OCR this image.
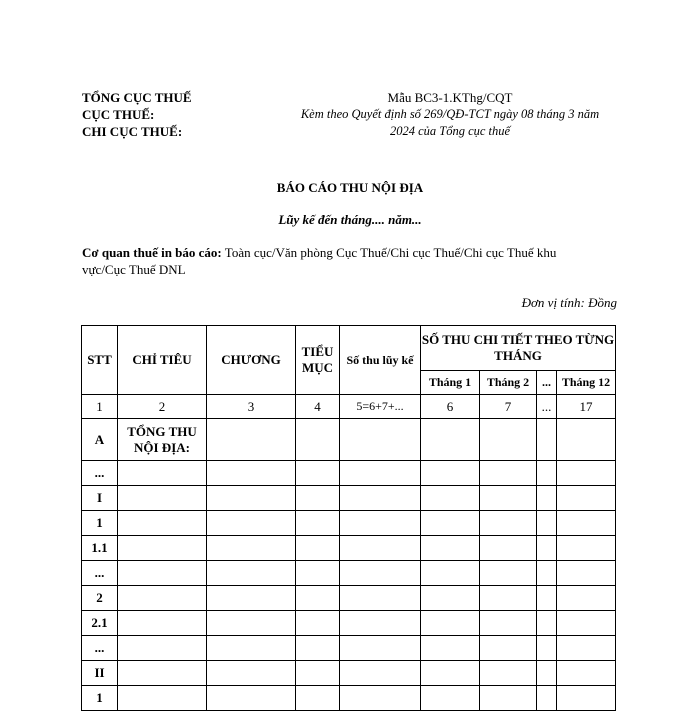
TỔNG CỤC THUẾ
CỤC THUẾ:
CHI CỤC THUẾ:
Mẫu BC3-1.KThg/CQT
Kèm theo Quyết định số 269/QĐ-TCT ngày 08 tháng 3 năm
2024 của Tổng cục thuế
BÁO CÁO THU NỘI ĐỊA
Lũy kế đến tháng.... năm...
Cơ quan thuế in báo cáo: Toàn cục/Văn phòng Cục Thuế/Chi cục Thuế/Chi cục Thuế khu vực/Cục Thuế DNL
Đơn vị tính: Đồng
STT	CHỈ TIÊU	CHƯƠNG	TIỂU MỤC	Số thu lũy kế	SỐ THU CHI TIẾT THEO TỪNG THÁNG			
					Tháng 1	Tháng 2	...	Tháng 12
1	2	3	4	5=6+7+...	6	7	...	17
A	TỔNG THU NỘI ĐỊA:							
...								
I								
1								
1.1								
...								
2								
2.1								
...								
II								
1								
